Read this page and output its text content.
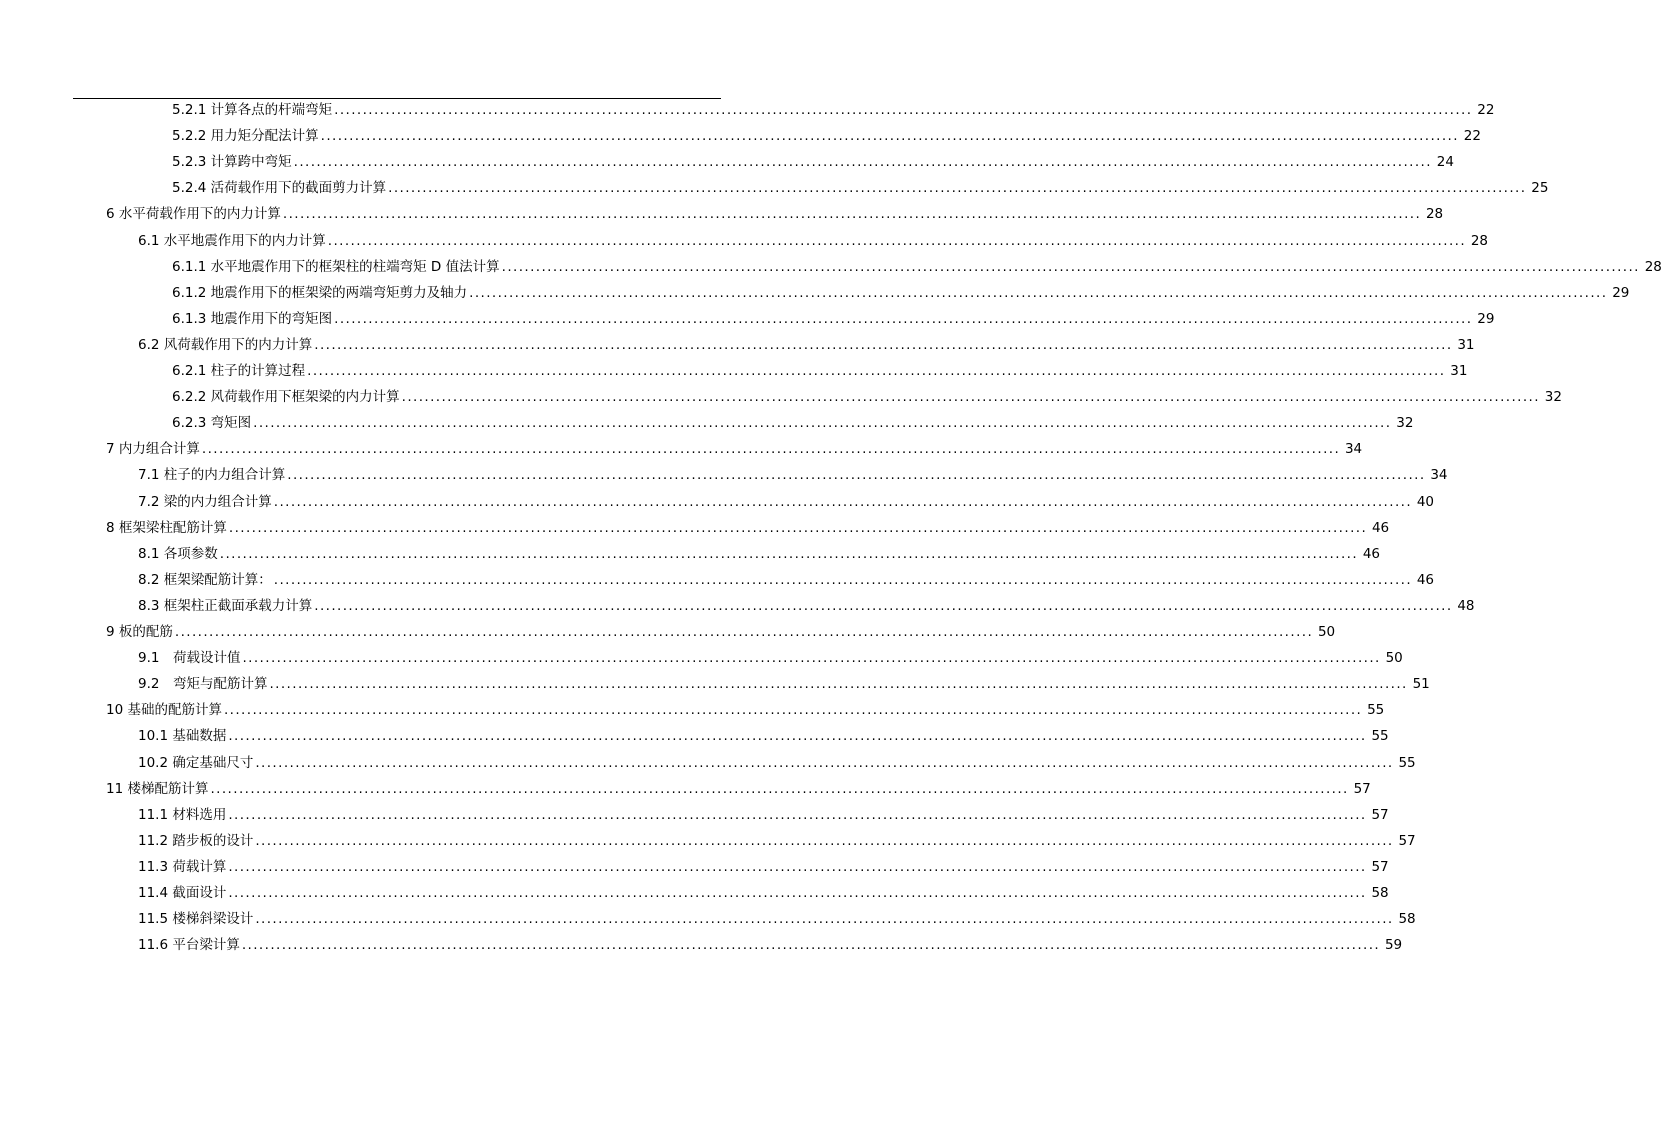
5.2.1 计算各点的杆端弯矩 ........................................................................................................................................................................................................ 22
5.2.2 用力矩分配法计算 ........................................................................................................................................................................................................ 22
5.2.3 计算跨中弯矩 ........................................................................................................................................................................................................ 24
5.2.4 活荷载作用下的截面剪力计算 ........................................................................................................................................................................................................ 25
6 水平荷载作用下的内力计算 ........................................................................................................................................................................................................ 28
6.1 水平地震作用下的内力计算 ........................................................................................................................................................................................................ 28
6.1.1 水平地震作用下的框架柱的柱端弯矩 D 值法计算 ........................................................................................................................................................................................................ 28
6.1.2 地震作用下的框架梁的两端弯矩剪力及轴力 ........................................................................................................................................................................................................ 29
6.1.3 地震作用下的弯矩图 ........................................................................................................................................................................................................ 29
6.2 风荷载作用下的内力计算 ........................................................................................................................................................................................................ 31
6.2.1 柱子的计算过程 ........................................................................................................................................................................................................ 31
6.2.2 风荷载作用下框架梁的内力计算 ........................................................................................................................................................................................................ 32
6.2.3 弯矩图 ........................................................................................................................................................................................................ 32
7 内力组合计算 ........................................................................................................................................................................................................ 34
7.1 柱子的内力组合计算 ........................................................................................................................................................................................................ 34
7.2 梁的内力组合计算 ........................................................................................................................................................................................................ 40
8 框架梁柱配筋计算 ........................................................................................................................................................................................................ 46
8.1 各项参数 ........................................................................................................................................................................................................ 46
8.2 框架梁配筋计算： ........................................................................................................................................................................................................ 46
8.3 框架柱正截面承载力计算 ........................................................................................................................................................................................................ 48
9 板的配筋 ........................................................................................................................................................................................................ 50
9.1　荷载设计值 ........................................................................................................................................................................................................ 50
9.2　弯矩与配筋计算 ........................................................................................................................................................................................................ 51
10 基础的配筋计算 ........................................................................................................................................................................................................ 55
10.1 基础数据 ........................................................................................................................................................................................................ 55
10.2 确定基础尺寸 ........................................................................................................................................................................................................ 55
11 楼梯配筋计算 ........................................................................................................................................................................................................ 57
11.1 材料选用 ........................................................................................................................................................................................................ 57
11.2 踏步板的设计 ........................................................................................................................................................................................................ 57
11.3 荷载计算 ........................................................................................................................................................................................................ 57
11.4 截面设计 ........................................................................................................................................................................................................ 58
11.5 楼梯斜梁设计 ........................................................................................................................................................................................................ 58
11.6 平台梁计算 ........................................................................................................................................................................................................ 59
